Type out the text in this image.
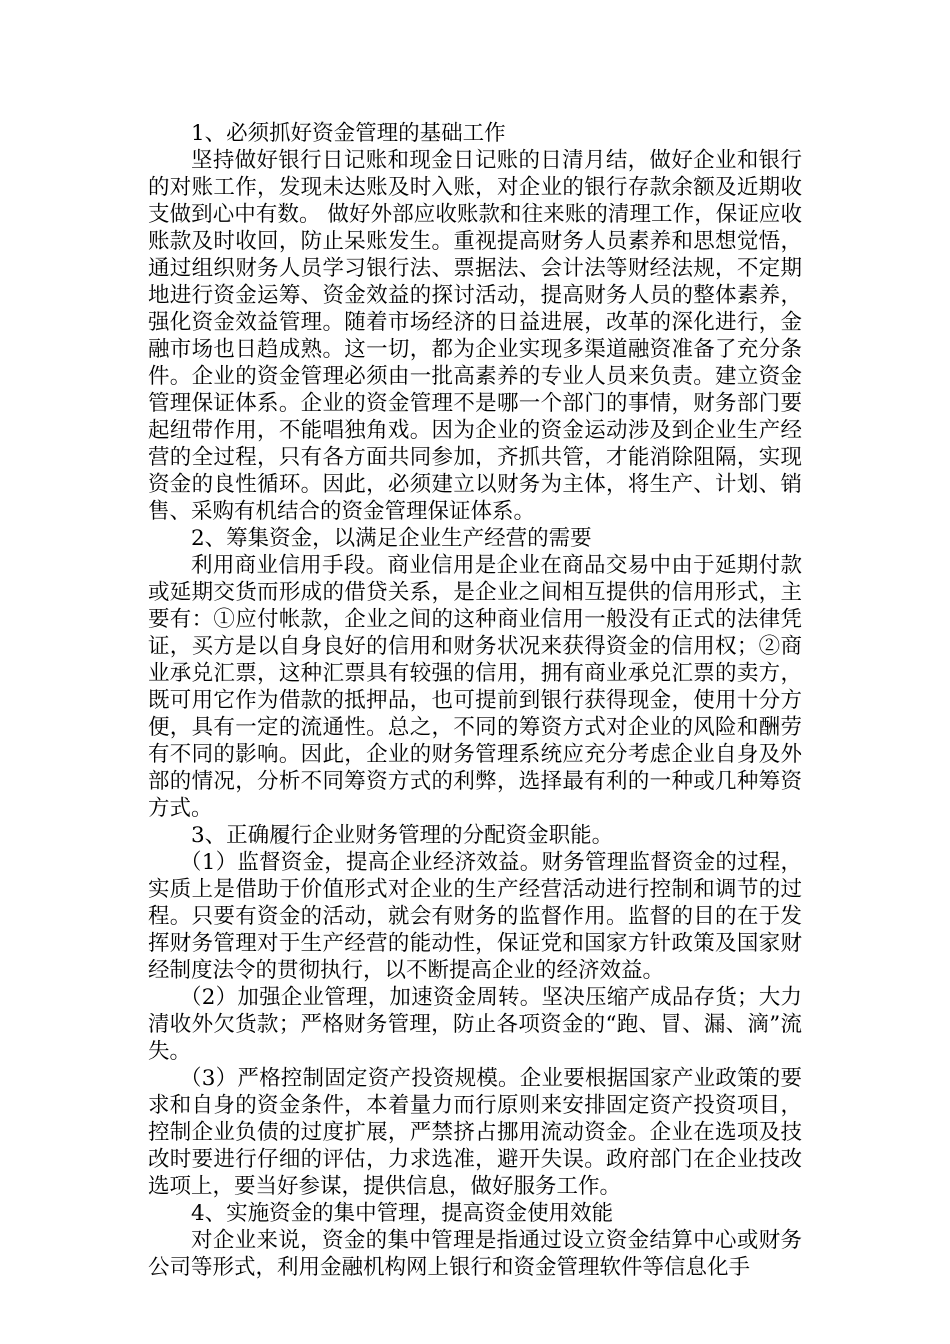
1、必须抓好资金管理的基础工作

坚持做好银行日记账和现金日记账的日清月结，做好企业和银行的对账工作，发现未达账及时入账，对企业的银行存款余额及近期收支做到心中有数。 做好外部应收账款和往来账的清理工作，保证应收账款及时收回，防止呆账发生。重视提高财务人员素养和思想觉悟，通过组织财务人员学习银行法、票据法、会计法等财经法规，不定期地进行资金运筹、资金效益的探讨活动，提高财务人员的整体素养，强化资金效益管理。随着市场经济的日益进展，改革的深化进行，金融市场也日趋成熟。这一切，都为企业实现多渠道融资准备了充分条件。企业的资金管理必须由一批高素养的专业人员来负责。建立资金管理保证体系。企业的资金管理不是哪一个部门的事情，财务部门要起纽带作用，不能唱独角戏。因为企业的资金运动涉及到企业生产经营的全过程，只有各方面共同参加，齐抓共管，才能消除阻隔，实现资金的良性循环。因此，必须建立以财务为主体，将生产、计划、销售、采购有机结合的资金管理保证体系。

2、筹集资金，以满足企业生产经营的需要

利用商业信用手段。商业信用是企业在商品交易中由于延期付款或延期交货而形成的借贷关系，是企业之间相互提供的信用形式，主要有：①应付帐款，企业之间的这种商业信用一般没有正式的法律凭证，买方是以自身良好的信用和财务状况来获得资金的信用权；②商业承兑汇票，这种汇票具有较强的信用，拥有商业承兑汇票的卖方，既可用它作为借款的抵押品，也可提前到银行获得现金，使用十分方便，具有一定的流通性。总之，不同的筹资方式对企业的风险和酬劳有不同的影响。因此，企业的财务管理系统应充分考虑企业自身及外部的情况，分析不同筹资方式的利弊，选择最有利的一种或几种筹资方式。

3、正确履行企业财务管理的分配资金职能。

（1）监督资金，提高企业经济效益。财务管理监督资金的过程，实质上是借助于价值形式对企业的生产经营活动进行控制和调节的过程。只要有资金的活动，就会有财务的监督作用。监督的目的在于发挥财务管理对于生产经营的能动性，保证党和国家方针政策及国家财经制度法令的贯彻执行，以不断提高企业的经济效益。

（2）加强企业管理，加速资金周转。坚决压缩产成品存货；大力清收外欠货款；严格财务管理，防止各项资金的“跑、冒、漏、滴”流失。

（3）严格控制固定资产投资规模。企业要根据国家产业政策的要求和自身的资金条件，本着量力而行原则来安排固定资产投资项目，控制企业负债的过度扩展，严禁挤占挪用流动资金。企业在选项及技改时要进行仔细的评估，力求选准，避开失误。政府部门在企业技改选项上，要当好参谋，提供信息，做好服务工作。

4、实施资金的集中管理，提高资金使用效能

对企业来说，资金的集中管理是指通过设立资金结算中心或财务公司等形式，利用金融机构网上银行和资金管理软件等信息化手
